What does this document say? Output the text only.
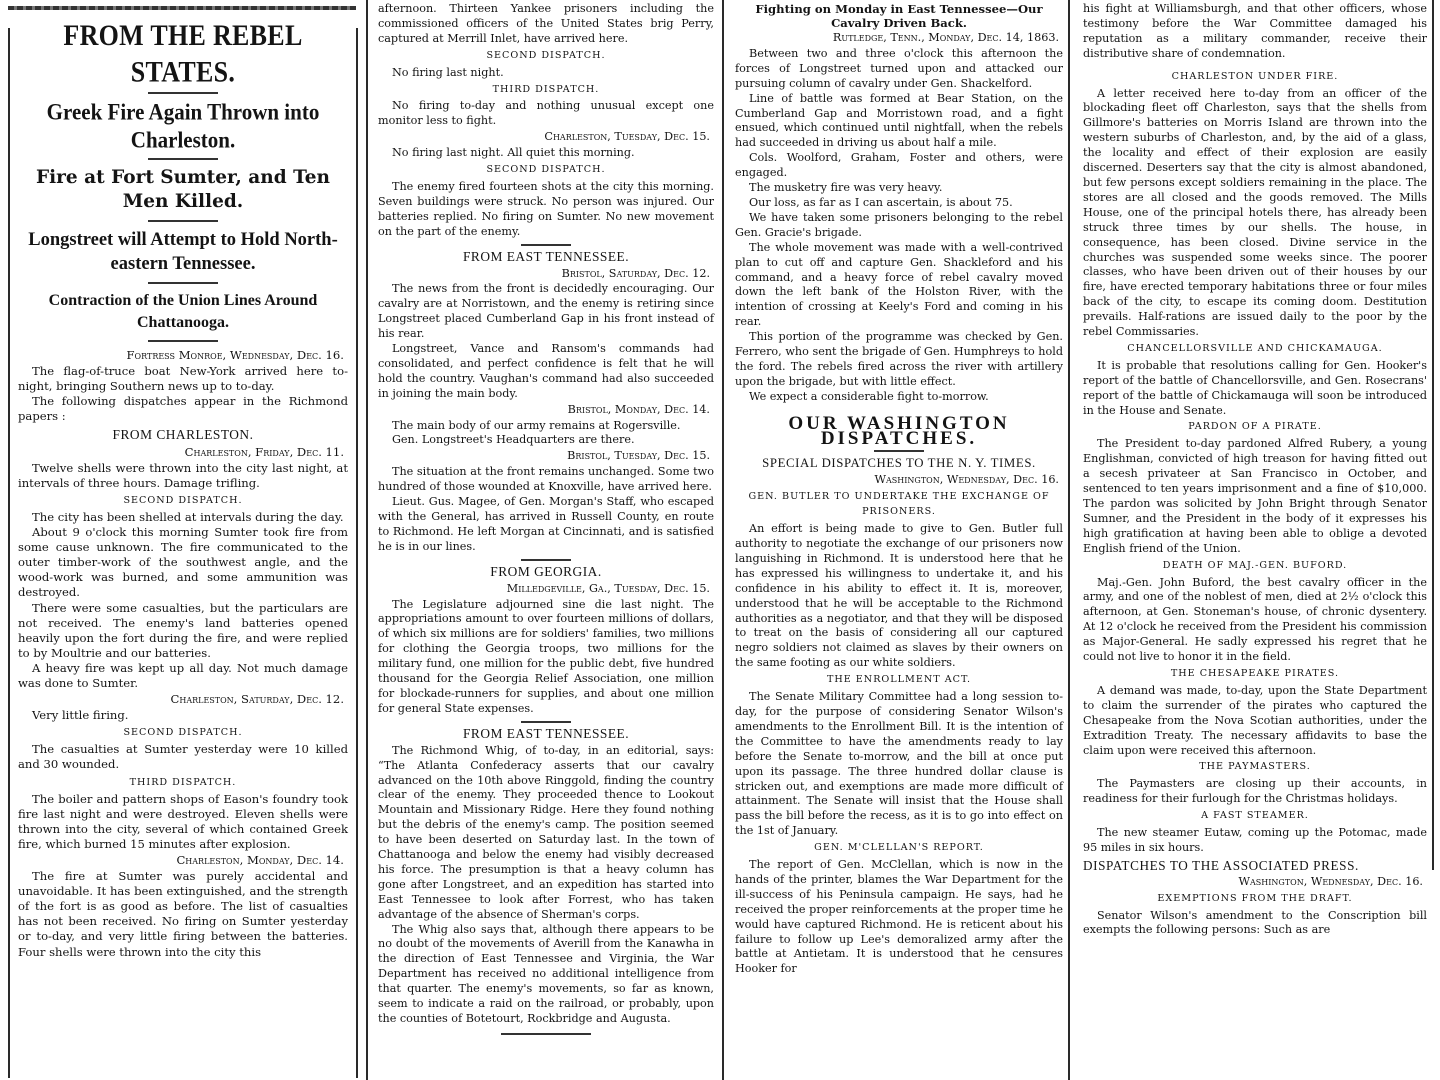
FROM THE REBEL STATES.
Greek Fire Again Thrown into Charleston.
Fire at Fort Sumter, and Ten Men Killed.
Longstreet will Attempt to Hold North-eastern Tennessee.
Contraction of the Union Lines Around Chattanooga.

Fortress Monroe, Wednesday, Dec. 16.

The flag-of-truce boat New-York arrived here to-night, bringing Southern news up to to-day.

The following dispatches appear in the Richmond papers :

FROM CHARLESTON.

Charleston, Friday, Dec. 11.

Twelve shells were thrown into the city last night, at intervals of three hours. Damage trifling.

SECOND DISPATCH.

The city has been shelled at intervals during the day.

About 9 o'clock this morning Sumter took fire from some cause unknown. The fire communicated to the outer timber-work of the southwest angle, and the wood-work was burned, and some ammunition was destroyed.

There were some casualties, but the particulars are not received. The enemy's land batteries opened heavily upon the fort during the fire, and were replied to by Moultrie and our batteries.

A heavy fire was kept up all day. Not much damage was done to Sumter.

Charleston, Saturday, Dec. 12.

Very little firing.

SECOND DISPATCH.

The casualties at Sumter yesterday were 10 killed and 30 wounded.

THIRD DISPATCH.

The boiler and pattern shops of Eason's foundry took fire last night and were destroyed. Eleven shells were thrown into the city, several of which contained Greek fire, which burned 15 minutes after explosion.

Charleston, Monday, Dec. 14.

The fire at Sumter was purely accidental and unavoidable. It has been extinguished, and the strength of the fort is as good as before. The list of casualties has not been received. No firing on Sumter yesterday or to-day, and very little firing between the batteries. Four shells were thrown into the city this

afternoon. Thirteen Yankee prisoners including the commissioned officers of the United States brig Perry, captured at Merrill Inlet, have arrived here.

SECOND DISPATCH.

No firing last night.

THIRD DISPATCH.

No firing to-day and nothing unusual except one monitor less to fight.

Charleston, Tuesday, Dec. 15.

No firing last night. All quiet this morning.

SECOND DISPATCH.

The enemy fired fourteen shots at the city this morning. Seven buildings were struck. No person was injured. Our batteries replied. No firing on Sumter. No new movement on the part of the enemy.

FROM EAST TENNESSEE.

Bristol, Saturday, Dec. 12.

The news from the front is decidedly encouraging. Our cavalry are at Norristown, and the enemy is retiring since Longstreet placed Cumberland Gap in his front instead of his rear.

Longstreet, Vance and Ransom's commands had consolidated, and perfect confidence is felt that he will hold the country. Vaughan's command had also succeeded in joining the main body.

Bristol, Monday, Dec. 14.

The main body of our army remains at Rogersville.

Gen. Longstreet's Headquarters are there.

Bristol, Tuesday, Dec. 15.

The situation at the front remains unchanged. Some two hundred of those wounded at Knoxville, have arrived here.

Lieut. Gus. Magee, of Gen. Morgan's Staff, who escaped with the General, has arrived in Russell County, en route to Richmond. He left Morgan at Cincinnati, and is satisfied he is in our lines.

FROM GEORGIA.

Milledgeville, Ga., Tuesday, Dec. 15.

The Legislature adjourned sine die last night. The appropriations amount to over fourteen millions of dollars, of which six millions are for soldiers' families, two millions for clothing the Georgia troops, two millions for the military fund, one million for the public debt, five hundred thousand for the Georgia Relief Association, one million for blockade-runners for supplies, and about one million for general State expenses.

FROM EAST TENNESSEE.

The Richmond Whig, of to-day, in an editorial, says: “The Atlanta Confederacy asserts that our cavalry advanced on the 10th above Ringgold, finding the country clear of the enemy. They proceeded thence to Lookout Mountain and Missionary Ridge. Here they found nothing but the debris of the enemy's camp. The position seemed to have been deserted on Saturday last. In the town of Chattanooga and below the enemy had visibly decreased his force. The presumption is that a heavy column has gone after Longstreet, and an expedition has started into East Tennessee to look after Forrest, who has taken advantage of the absence of Sherman's corps.

The Whig also says that, although there appears to be no doubt of the movements of Averill from the Kanawha in the direction of East Tennessee and Virginia, the War Department has received no additional intelligence from that quarter. The enemy's movements, so far as known, seem to indicate a raid on the railroad, or probably, upon the counties of Botetourt, Rockbridge and Augusta.

Fighting on Monday in East Tennessee—Our Cavalry Driven Back.

Rutledge, Tenn., Monday, Dec. 14, 1863.

Between two and three o'clock this afternoon the forces of Longstreet turned upon and attacked our pursuing column of cavalry under Gen. Shackelford.

Line of battle was formed at Bear Station, on the Cumberland Gap and Morristown road, and a fight ensued, which continued until nightfall, when the rebels had succeeded in driving us about half a mile.

Cols. Woolford, Graham, Foster and others, were engaged.

The musketry fire was very heavy.

Our loss, as far as I can ascertain, is about 75.

We have taken some prisoners belonging to the rebel Gen. Gracie's brigade.

The whole movement was made with a well-contrived plan to cut off and capture Gen. Shackleford and his command, and a heavy force of rebel cavalry moved down the left bank of the Holston River, with the intention of crossing at Keely's Ford and coming in his rear.

This portion of the programme was checked by Gen. Ferrero, who sent the brigade of Gen. Humphreys to hold the ford. The rebels fired across the river with artillery upon the brigade, but with little effect.

We expect a considerable fight to-morrow.

OUR WASHINGTON DISPATCHES.
SPECIAL DISPATCHES TO THE N. Y. TIMES.

Washington, Wednesday, Dec. 16.

GEN. BUTLER TO UNDERTAKE THE EXCHANGE OF PRISONERS.

An effort is being made to give to Gen. Butler full authority to negotiate the exchange of our prisoners now languishing in Richmond. It is understood here that he has expressed his willingness to undertake it, and his confidence in his ability to effect it. It is, moreover, understood that he will be acceptable to the Richmond authorities as a negotiator, and that they will be disposed to treat on the basis of considering all our captured negro soldiers not claimed as slaves by their owners on the same footing as our white soldiers.

THE ENROLLMENT ACT.

The Senate Military Committee had a long session to-day, for the purpose of considering Senator Wilson's amendments to the Enrollment Bill. It is the intention of the Committee to have the amendments ready to lay before the Senate to-morrow, and the bill at once put upon its passage. The three hundred dollar clause is stricken out, and exemptions are made more difficult of attainment. The Senate will insist that the House shall pass the bill before the recess, as it is to go into effect on the 1st of January.

GEN. M'CLELLAN'S REPORT.

The report of Gen. McClellan, which is now in the hands of the printer, blames the War Department for the ill-success of his Peninsula campaign. He says, had he received the proper reinforcements at the proper time he would have captured Richmond. He is reticent about his failure to follow up Lee's demoralized army after the battle at Antietam. It is understood that he censures Hooker for

his fight at Williamsburgh, and that other officers, whose testimony before the War Committee damaged his reputation as a military commander, receive their distributive share of condemnation.

CHARLESTON UNDER FIRE.

A letter received here to-day from an officer of the blockading fleet off Charleston, says that the shells from Gillmore's batteries on Morris Island are thrown into the western suburbs of Charleston, and, by the aid of a glass, the locality and effect of their explosion are easily discerned. Deserters say that the city is almost abandoned, but few persons except soldiers remaining in the place. The stores are all closed and the goods removed. The Mills House, one of the principal hotels there, has already been struck three times by our shells. The house, in consequence, has been closed. Divine service in the churches was suspended some weeks since. The poorer classes, who have been driven out of their houses by our fire, have erected temporary habitations three or four miles back of the city, to escape its coming doom. Destitution prevails. Half-rations are issued daily to the poor by the rebel Commissaries.

CHANCELLORSVILLE AND CHICKAMAUGA.

It is probable that resolutions calling for Gen. Hooker's report of the battle of Chancellorsville, and Gen. Rosecrans' report of the battle of Chickamauga will soon be introduced in the House and Senate.

PARDON OF A PIRATE.

The President to-day pardoned Alfred Rubery, a young Englishman, convicted of high treason for having fitted out a secesh privateer at San Francisco in October, and sentenced to ten years imprisonment and a fine of $10,000. The pardon was solicited by John Bright through Senator Sumner, and the President in the body of it expresses his high gratification at having been able to oblige a devoted English friend of the Union.

DEATH OF MAJ.-GEN. BUFORD.

Maj.-Gen. John Buford, the best cavalry officer in the army, and one of the noblest of men, died at 2½ o'clock this afternoon, at Gen. Stoneman's house, of chronic dysentery. At 12 o'clock he received from the President his commission as Major-General. He sadly expressed his regret that he could not live to honor it in the field.

THE CHESAPEAKE PIRATES.

A demand was made, to-day, upon the State Department to claim the surrender of the pirates who captured the Chesapeake from the Nova Scotian authorities, under the Extradition Treaty. The necessary affidavits to base the claim upon were received this afternoon.

THE PAYMASTERS.

The Paymasters are closing up their accounts, in readiness for their furlough for the Christmas holidays.

A FAST STEAMER.

The new steamer Eutaw, coming up the Potomac, made 95 miles in six hours.

DISPATCHES TO THE ASSOCIATED PRESS.

Washington, Wednesday, Dec. 16.

EXEMPTIONS FROM THE DRAFT.

Senator Wilson's amendment to the Conscription bill exempts the following persons: Such as are
